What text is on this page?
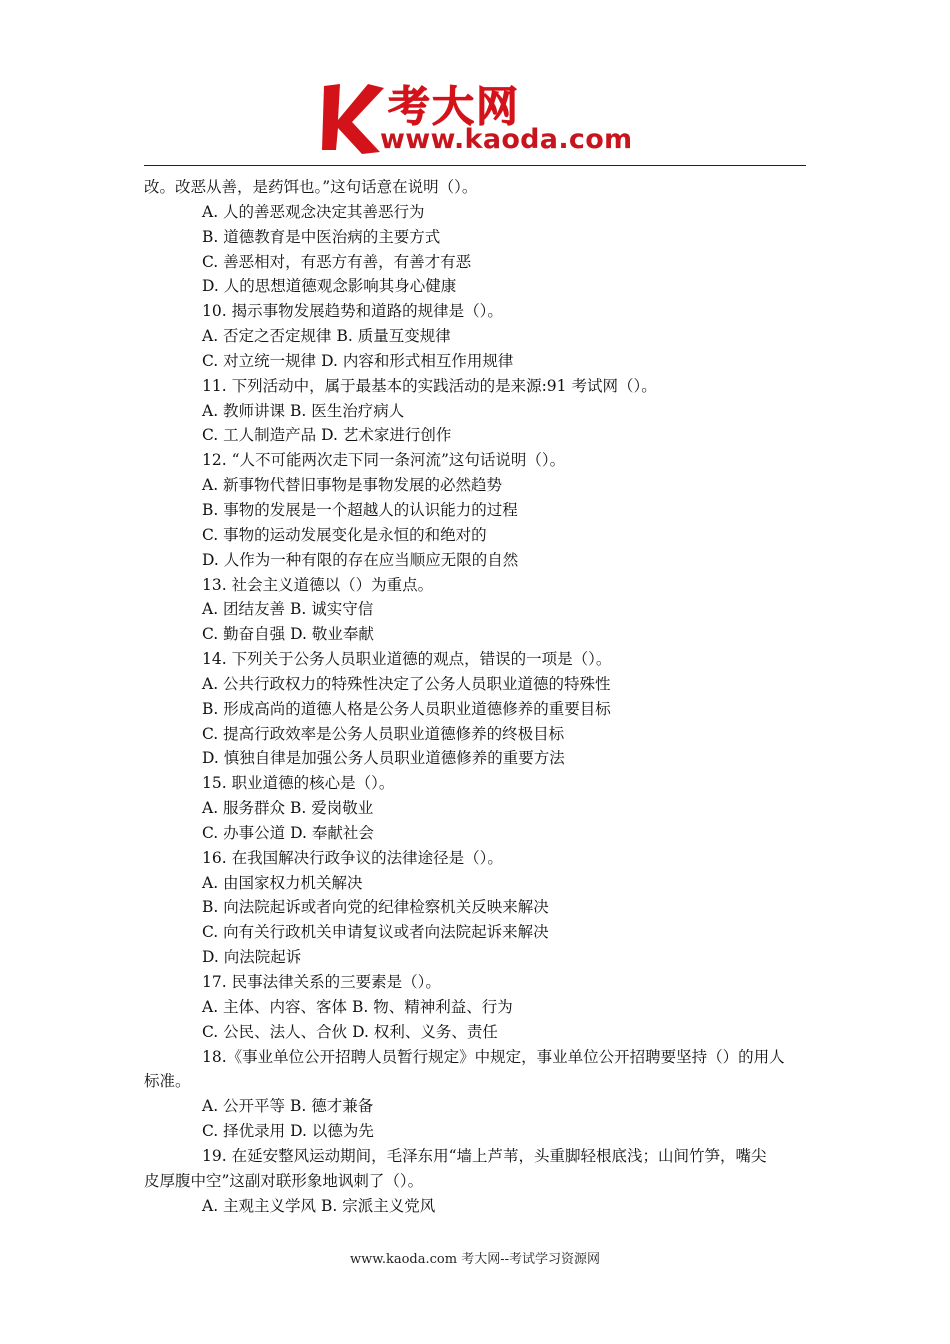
考大网
www.kaoda.com
改。改恶从善，是药饵也。”这句话意在说明（）。
A. 人的善恶观念决定其善恶行为
B. 道德教育是中医治病的主要方式
C. 善恶相对，有恶方有善，有善才有恶
D. 人的思想道德观念影响其身心健康
10. 揭示事物发展趋势和道路的规律是（）。
A. 否定之否定规律 B. 质量互变规律
C. 对立统一规律 D. 内容和形式相互作用规律
11. 下列活动中，属于最基本的实践活动的是来源:91 考试网（）。
A. 教师讲课 B. 医生治疗病人
C. 工人制造产品 D. 艺术家进行创作
12. “人不可能两次走下同一条河流”这句话说明（）。
A. 新事物代替旧事物是事物发展的必然趋势
B. 事物的发展是一个超越人的认识能力的过程
C. 事物的运动发展变化是永恒的和绝对的
D. 人作为一种有限的存在应当顺应无限的自然
13. 社会主义道德以（）为重点。
A. 团结友善 B. 诚实守信
C. 勤奋自强 D. 敬业奉献
14. 下列关于公务人员职业道德的观点，错误的一项是（）。
A. 公共行政权力的特殊性决定了公务人员职业道德的特殊性
B. 形成高尚的道德人格是公务人员职业道德修养的重要目标
C. 提高行政效率是公务人员职业道德修养的终极目标
D. 慎独自律是加强公务人员职业道德修养的重要方法
15. 职业道德的核心是（）。
A. 服务群众 B. 爱岗敬业
C. 办事公道 D. 奉献社会
16. 在我国解决行政争议的法律途径是（）。
A. 由国家权力机关解决
B. 向法院起诉或者向党的纪律检察机关反映来解决
C. 向有关行政机关申请复议或者向法院起诉来解决
D. 向法院起诉
17. 民事法律关系的三要素是（）。
A. 主体、内容、客体 B. 物、精神利益、行为
C. 公民、法人、合伙 D. 权利、义务、责任
18.《事业单位公开招聘人员暂行规定》中规定，事业单位公开招聘要坚持（）的用人
标准。
A. 公开平等 B. 德才兼备
C. 择优录用 D. 以德为先
19. 在延安整风运动期间，毛泽东用“墙上芦苇，头重脚轻根底浅；山间竹笋，嘴尖
皮厚腹中空”这副对联形象地讽刺了（）。
A. 主观主义学风 B. 宗派主义党风
www.kaoda.com 考大网--考试学习资源网
